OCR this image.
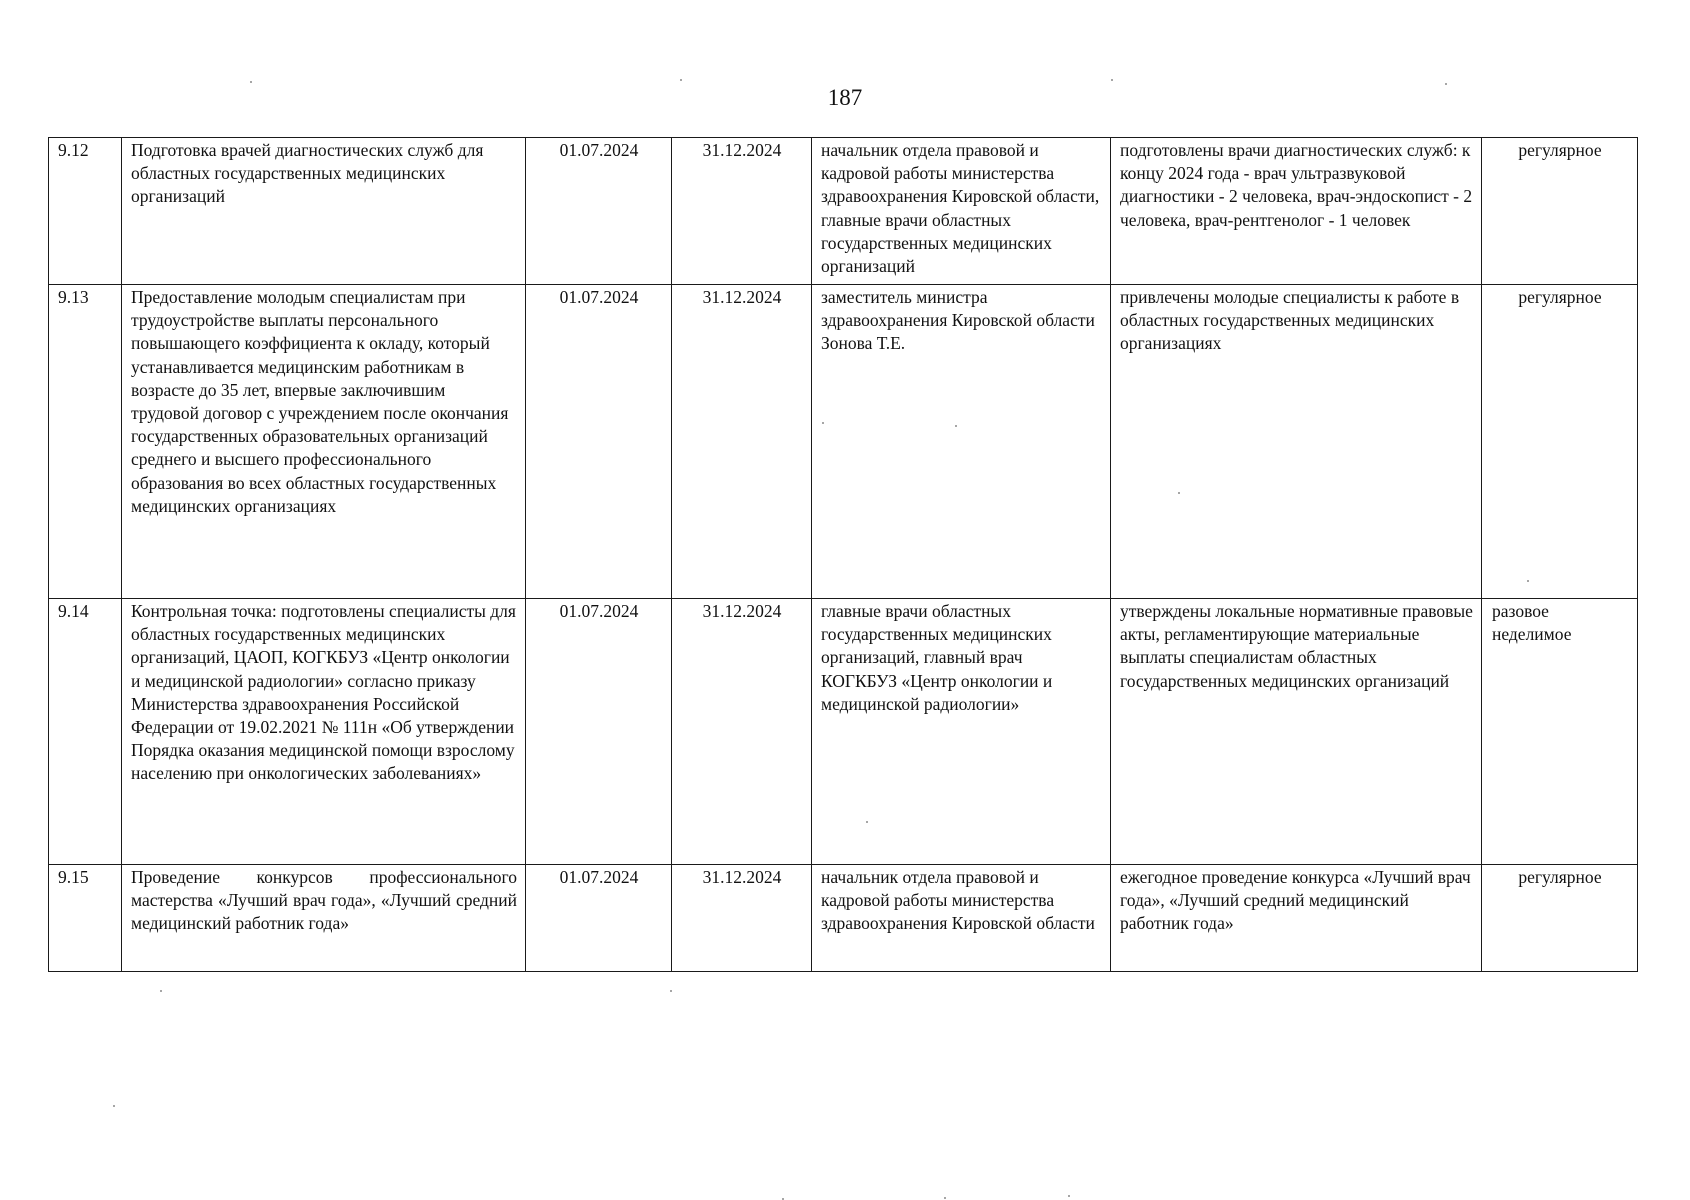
187
9.12	Подготовка врачей диагностических служб для областных государственных медицинских организаций	01.07.2024	31.12.2024	начальник отдела правовой и кадровой работы министерства здравоохранения Кировской области, главные врачи областных государственных медицинских организаций	подготовлены врачи диагностических служб: к концу 2024 года - врач ультразвуковой диагностики - 2 человека, врач-эндоскопист - 2 человека, врач-рентгенолог - 1 человек	регулярное
9.13	Предоставление молодым специалистам при трудоустройстве выплаты персонального повышающего коэффициента к окладу, который устанавливается медицинским работникам в возрасте до 35 лет, впервые заключившим трудовой договор с учреждением после окончания государственных образовательных организаций среднего и высшего профессионального образования во всех областных государственных медицинских организациях	01.07.2024	31.12.2024	заместитель министра здравоохранения Кировской области Зонова Т.Е.	привлечены молодые специалисты к работе в областных государственных медицинских организациях	регулярное
9.14	Контрольная точка: подготовлены специалисты для областных государственных медицинских организаций, ЦАОП, КОГКБУЗ «Центр онкологии и медицинской радиологии» согласно приказу Министерства здравоохранения Российской Федерации от 19.02.2021 № 111н «Об утверждении Порядка оказания медицинской помощи взрослому населению при онкологических заболеваниях»	01.07.2024	31.12.2024	главные врачи областных государственных медицинских организаций, главный врач КОГКБУЗ «Центр онкологии и медицинской радиологии»	утверждены локальные нормативные правовые акты, регламентирующие материальные выплаты специалистам областных государственных медицинских организаций	разовое неделимое
9.15	Проведение конкурсов профессионального мастерства «Лучший врач года», «Лучший средний медицинский работник года»	01.07.2024	31.12.2024	начальник отдела правовой и кадровой работы министерства здравоохранения Кировской области	ежегодное проведение конкурса «Лучший врач года», «Лучший средний медицинский работник года»	регулярное
